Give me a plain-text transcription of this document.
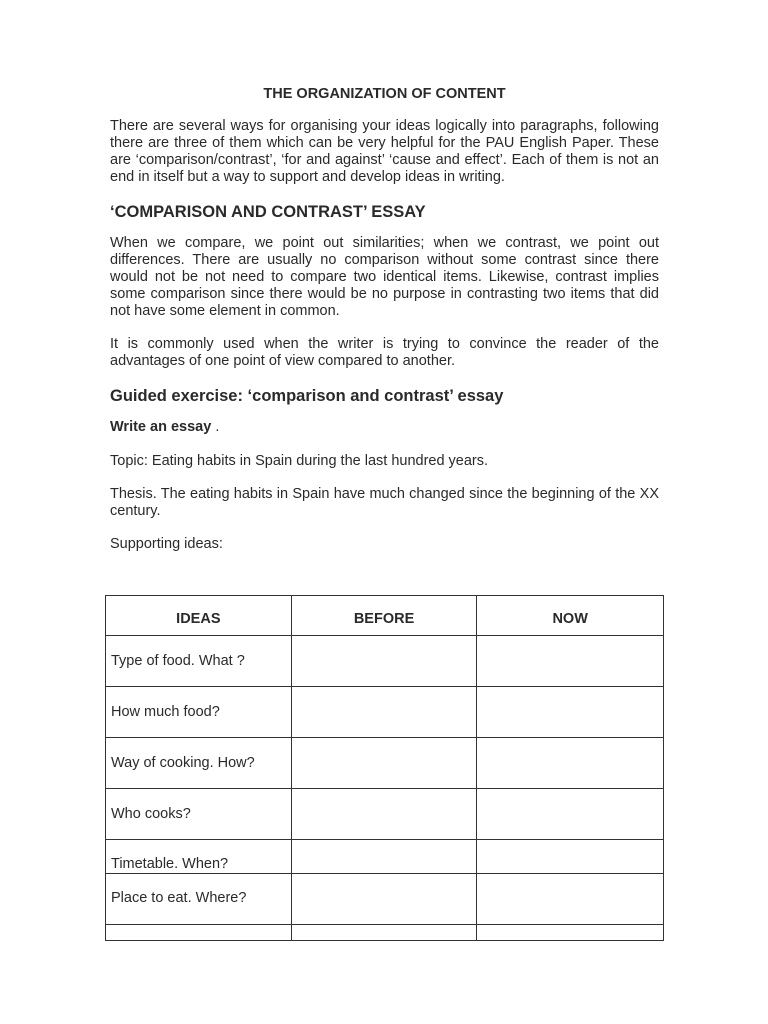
THE ORGANIZATION OF CONTENT

There are several ways for organising your ideas logically into paragraphs, following there are three of them which can be very helpful for the PAU English Paper. These are ‘comparison/contrast’, ‘for and against’ ‘cause and effect’. Each of them is not an end in itself but a way to support and develop ideas in writing.

‘COMPARISON AND CONTRAST’ ESSAY

When we compare, we point out similarities; when we contrast, we point out differences. There are usually no comparison without some contrast since there would not be not need to compare two identical items. Likewise, contrast implies some comparison since there would be no purpose in contrasting two items that did not have some element in common.

It is commonly used when the writer is trying to convince the reader of the advantages of one point of view compared to another.

Guided exercise: ‘comparison and contrast’ essay
Write an essay .
Topic: Eating habits in Spain during the last hundred years.

Thesis. The eating habits in Spain have much changed since the beginning of the XX century.

Supporting ideas:
IDEAS	BEFORE	NOW
Type of food. What ?		
How much food?		
Way of cooking. How?		
Who cooks?		
Timetable. When?		
Place to eat. Where?		
